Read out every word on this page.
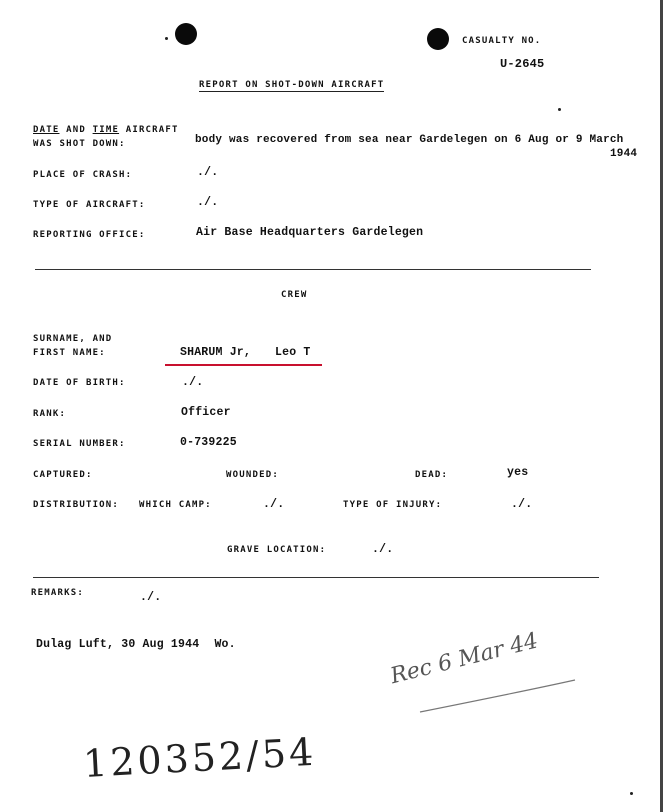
CASUALTY NO.
U-2645
REPORT ON SHOT-DOWN AIRCRAFT
DATE AND TIME AIRCRAFT
WAS SHOT DOWN:	body was recovered from sea near Gardelegen on 6 Aug or 9 March
1944
PLACE OF CRASH:	./.
TYPE OF AIRCRAFT:	./.
REPORTING OFFICE:	Air Base Headquarters Gardelegen
CREW
SURNAME, AND
FIRST NAME:	SHARUM Jr, Leo T
DATE OF BIRTH:	./.
RANK:	Officer
SERIAL NUMBER:	0-739225
CAPTURED:	WOUNDED:	DEAD:	yes
DISTRIBUTION: WHICH CAMP:	./.	TYPE OF INJURY:	./.
GRAVE LOCATION:	./.
REMARKS:	./.
Dulag Luft, 30 Aug 1944 Wo.	Rec 6 Mar 44
120352/54
